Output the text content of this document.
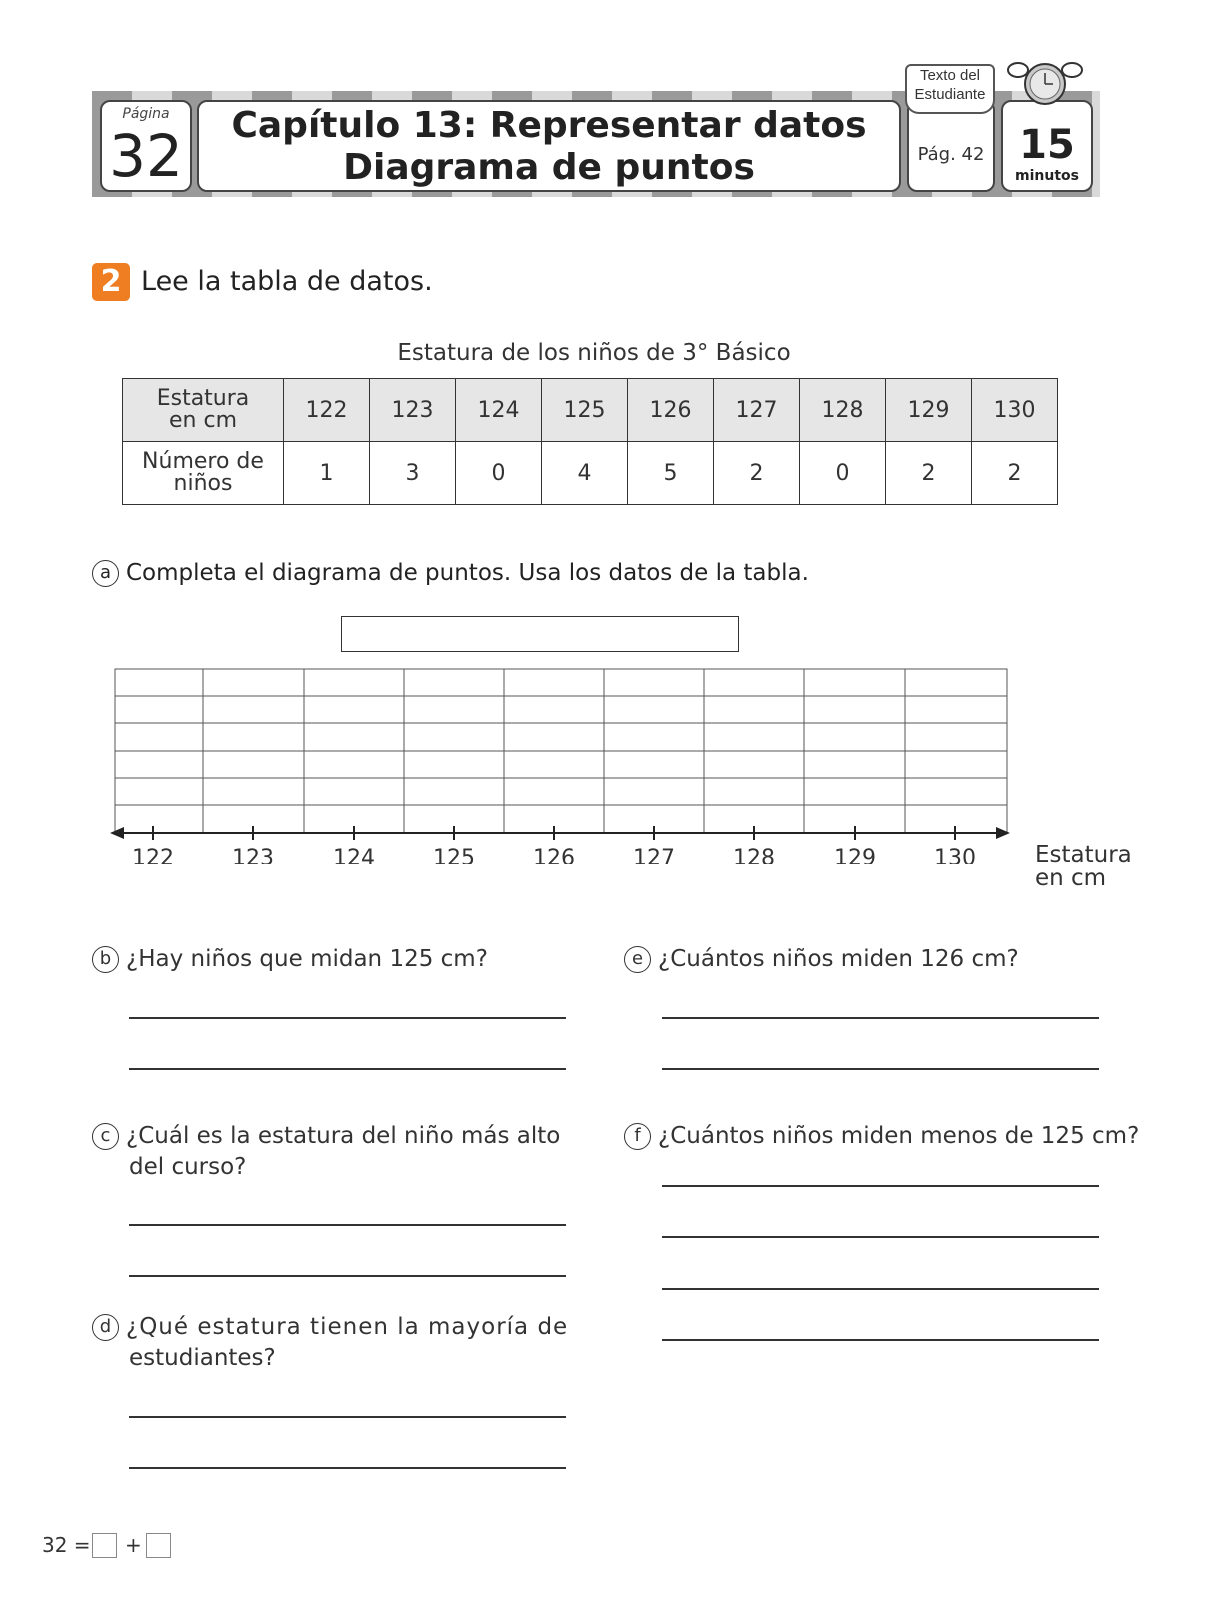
Página
32	Capítulo 13: Representar datos
Diagrama de puntos	Pág. 42
Texto del
Estudiante
15
minutos
2 Lee la tabla de datos.
Estatura de los niños de 3° Básico
Estatura
en cm	122	123	124	125	126	127	128	129	130

Número de
niños	1	3	0	4	5	2	0	2	2
a Completa el diagrama de puntos. Usa los datos de la tabla.
122	123	124	125	126	127	128	129	130	Estatura
en cm
b ¿Hay niños que midan 125 cm?
c ¿Cuál es la estatura del niño más alto
del curso?
d ¿Qué estatura tienen la mayoría de
estudiantes?
e ¿Cuántos niños miden 126 cm?
f ¿Cuántos niños miden menos de 125 cm?
32 = +
